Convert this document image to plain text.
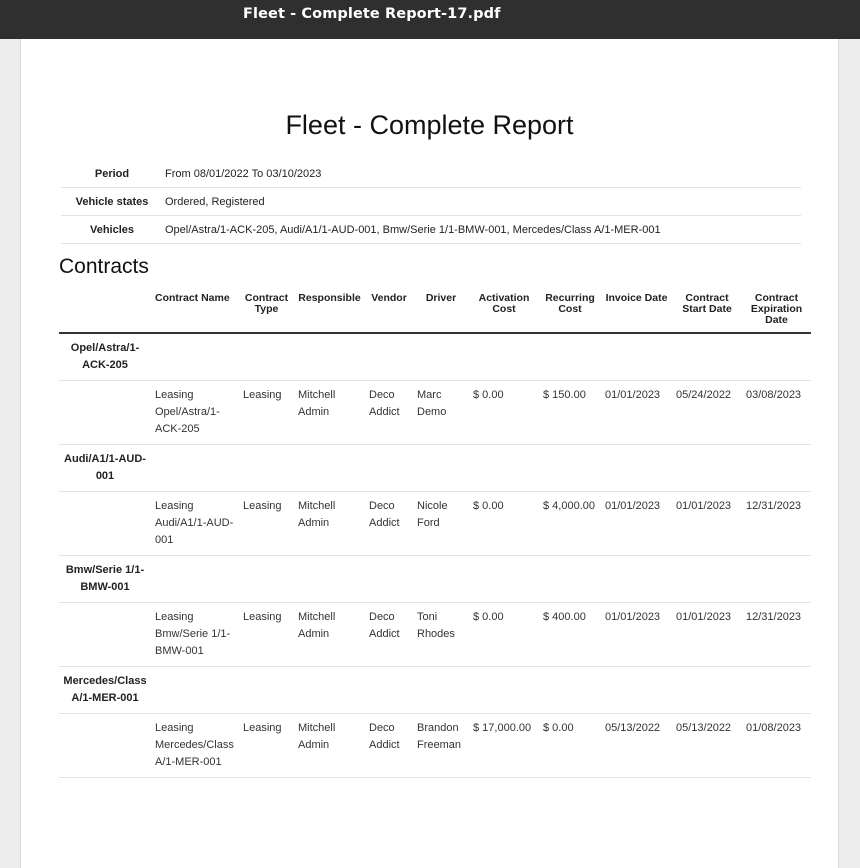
Fleet - Complete Report-17.pdf
Fleet - Complete Report
Period	From 08/01/2022 To 03/10/2023
Vehicle states	Ordered, Registered
Vehicles	Opel/Astra/1-ACK-205, Audi/A1/1-AUD-001, Bmw/Serie 1/1-BMW-001, Mercedes/Class A/1-MER-001
Contracts
	Contract Name	Contract Type	Responsible	Vendor	Driver	Activation Cost	Recurring Cost	Invoice Date	Contract Start Date	Contract Expiration Date
Opel/Astra/1-ACK-205										
	Leasing Opel/Astra/1-ACK-205	Leasing	Mitchell Admin	Deco Addict	Marc Demo	$ 0.00	$ 150.00	01/01/2023	05/24/2022	03/08/2023
Audi/A1/1-AUD-001										
	Leasing Audi/A1/1-AUD-001	Leasing	Mitchell Admin	Deco Addict	Nicole Ford	$ 0.00	$ 4,000.00	01/01/2023	01/01/2023	12/31/2023
Bmw/Serie 1/1-BMW-001										
	Leasing Bmw/Serie 1/1-BMW-001	Leasing	Mitchell Admin	Deco Addict	Toni Rhodes	$ 0.00	$ 400.00	01/01/2023	01/01/2023	12/31/2023
Mercedes/Class A/1-MER-001										
	Leasing Mercedes/Class A/1-MER-001	Leasing	Mitchell Admin	Deco Addict	Brandon Freeman	$ 17,000.00	$ 0.00	05/13/2022	05/13/2022	01/08/2023
